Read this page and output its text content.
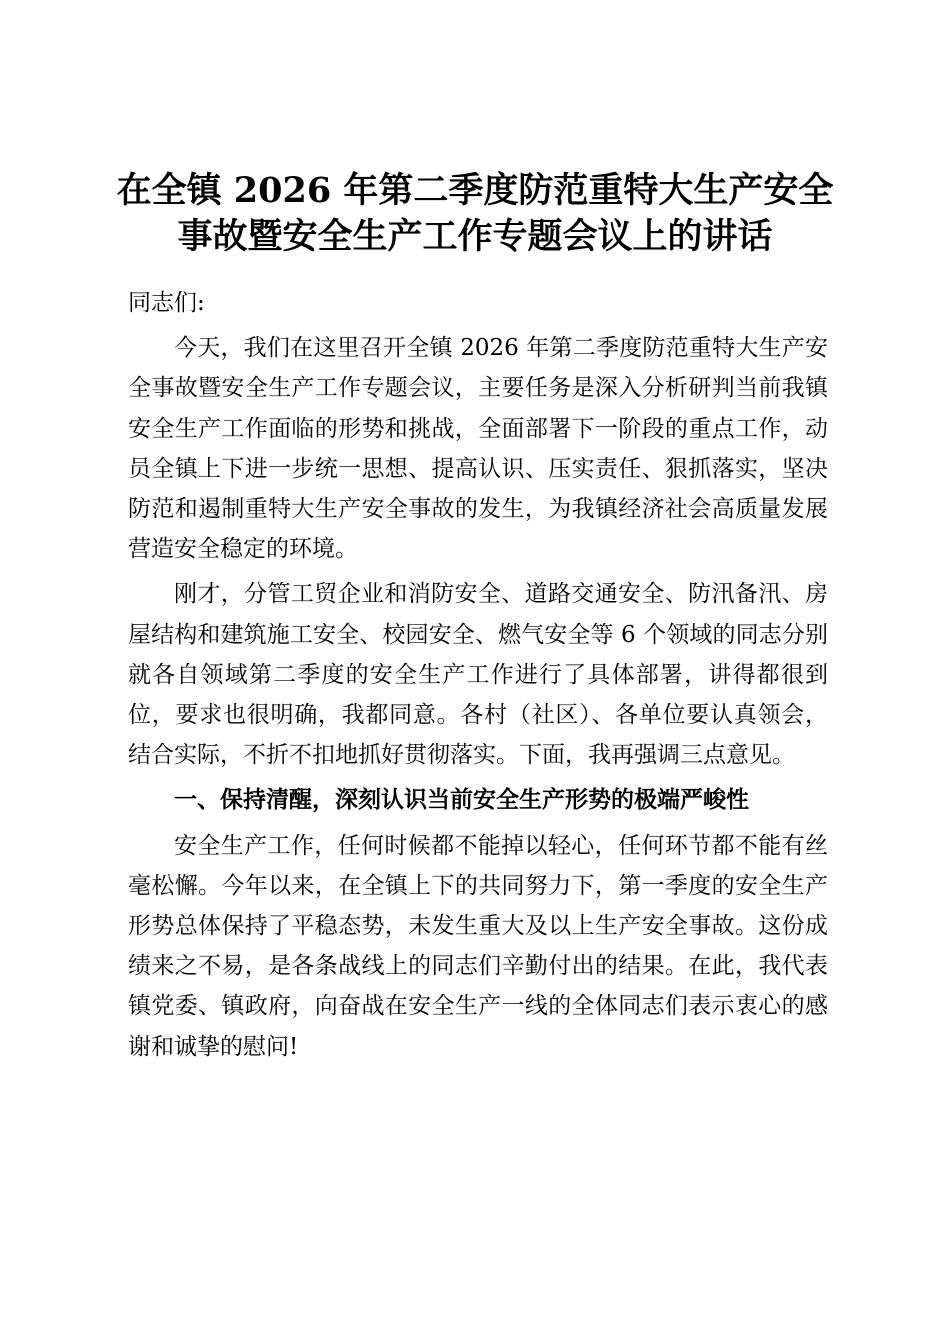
在全镇 2026 年第二季度防范重特大生产安全事故暨安全生产工作专题会议上的讲话

同志们:

今天，我们在这里召开全镇 2026 年第二季度防范重特大生产安全事故暨安全生产工作专题会议，主要任务是深入分析研判当前我镇安全生产工作面临的形势和挑战，全面部署下一阶段的重点工作，动员全镇上下进一步统一思想、提高认识、压实责任、狠抓落实，坚决防范和遏制重特大生产安全事故的发生，为我镇经济社会高质量发展营造安全稳定的环境。

刚才，分管工贸企业和消防安全、道路交通安全、防汛备汛、房屋结构和建筑施工安全、校园安全、燃气安全等 6 个领域的同志分别就各自领域第二季度的安全生产工作进行了具体部署，讲得都很到位，要求也很明确，我都同意。各村（社区）、各单位要认真领会，结合实际，不折不扣地抓好贯彻落实。下面，我再强调三点意见。

一、保持清醒，深刻认识当前安全生产形势的极端严峻性

安全生产工作，任何时候都不能掉以轻心，任何环节都不能有丝毫松懈。今年以来，在全镇上下的共同努力下，第一季度的安全生产形势总体保持了平稳态势，未发生重大及以上生产安全事故。这份成绩来之不易，是各条战线上的同志们辛勤付出的结果。在此，我代表镇党委、镇政府，向奋战在安全生产一线的全体同志们表示衷心的感谢和诚挚的慰问!
